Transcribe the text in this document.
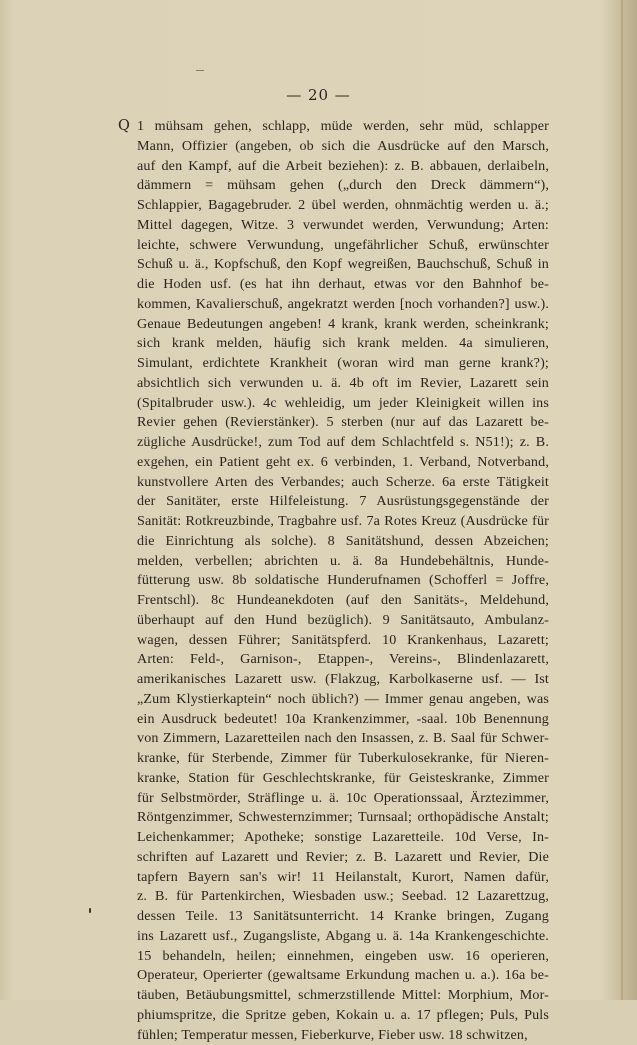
— 20 —
Q 1 mühsam gehen, schlapp, müde werden, sehr müd, schlapper
Mann, Offizier (angeben, ob sich die Ausdrücke auf den Marsch,
auf den Kampf, auf die Arbeit beziehen): z. B. abbauen, derlaibeln,
dämmern = mühsam gehen („durch den Dreck dämmern“),
Schlappier, Bagagebruder. 2 übel werden, ohnmächtig werden u. ä.;
Mittel dagegen, Witze. 3 verwundet werden, Verwundung; Arten:
leichte, schwere Verwundung, ungefährlicher Schuß, erwünschter
Schuß u. ä., Kopfschuß, den Kopf wegreißen, Bauchschuß, Schuß in
die Hoden usf. (es hat ihn derhaut, etwas vor den Bahnhof be-
kommen, Kavalierschuß, angekratzt werden [noch vorhanden?] usw.).
Genaue Bedeutungen angeben! 4 krank, krank werden, scheinkrank;
sich krank melden, häufig sich krank melden. 4a simulieren,
Simulant, erdichtete Krankheit (woran wird man gerne krank?);
absichtlich sich verwunden u. ä. 4b oft im Revier, Lazarett sein
(Spitalbruder usw.). 4c wehleidig, um jeder Kleinigkeit willen ins
Revier gehen (Revierstänker). 5 sterben (nur auf das Lazarett be-
zügliche Ausdrücke!, zum Tod auf dem Schlachtfeld s. N51!); z. B.
exgehen, ein Patient geht ex. 6 verbinden, 1. Verband, Notverband,
kunstvollere Arten des Verbandes; auch Scherze. 6a erste Tätigkeit
der Sanitäter, erste Hilfeleistung. 7 Ausrüstungsgegenstände der
Sanität: Rotkreuzbinde, Tragbahre usf. 7a Rotes Kreuz (Ausdrücke für
die Einrichtung als solche). 8 Sanitätshund, dessen Abzeichen;
melden, verbellen; abrichten u. ä. 8a Hundebehältnis, Hunde-
fütterung usw. 8b soldatische Hunderufnamen (Schofferl = Joffre,
Frentschl). 8c Hundeanekdoten (auf den Sanitäts-, Meldehund,
überhaupt auf den Hund bezüglich). 9 Sanitätsauto, Ambulanz-
wagen, dessen Führer; Sanitätspferd. 10 Krankenhaus, Lazarett;
Arten: Feld-, Garnison-, Etappen-, Vereins-, Blindenlazarett,
amerikanisches Lazarett usw. (Flakzug, Karbolkaserne usf. — Ist
„Zum Klystierkaptein“ noch üblich?) — Immer genau angeben, was
ein Ausdruck bedeutet! 10a Krankenzimmer, -saal. 10b Benennung
von Zimmern, Lazaretteilen nach den Insassen, z. B. Saal für Schwer-
kranke, für Sterbende, Zimmer für Tuberkulosekranke, für Nieren-
kranke, Station für Geschlechtskranke, für Geisteskranke, Zimmer
für Selbstmörder, Sträflinge u. ä. 10c Operationssaal, Ärztezimmer,
Röntgenzimmer, Schwesternzimmer; Turnsaal; orthopädische Anstalt;
Leichenkammer; Apotheke; sonstige Lazaretteile. 10d Verse, In-
schriften auf Lazarett und Revier; z. B. Lazarett und Revier, Die
tapfern Bayern san's wir! 11 Heilanstalt, Kurort, Namen dafür,
z. B. für Partenkirchen, Wiesbaden usw.; Seebad. 12 Lazarettzug,
dessen Teile. 13 Sanitätsunterricht. 14 Kranke bringen, Zugang
ins Lazarett usf., Zugangsliste, Abgang u. ä. 14a Krankengeschichte.
15 behandeln, heilen; einnehmen, eingeben usw. 16 operieren,
Operateur, Operierter (gewaltsame Erkundung machen u. a.). 16a be-
täuben, Betäubungsmittel, schmerzstillende Mittel: Morphium, Mor-
phiumspritze, die Spritze geben, Kokain u. a. 17 pflegen; Puls, Puls
fühlen; Temperatur messen, Fieberkurve, Fieber usw. 18 schwitzen,
